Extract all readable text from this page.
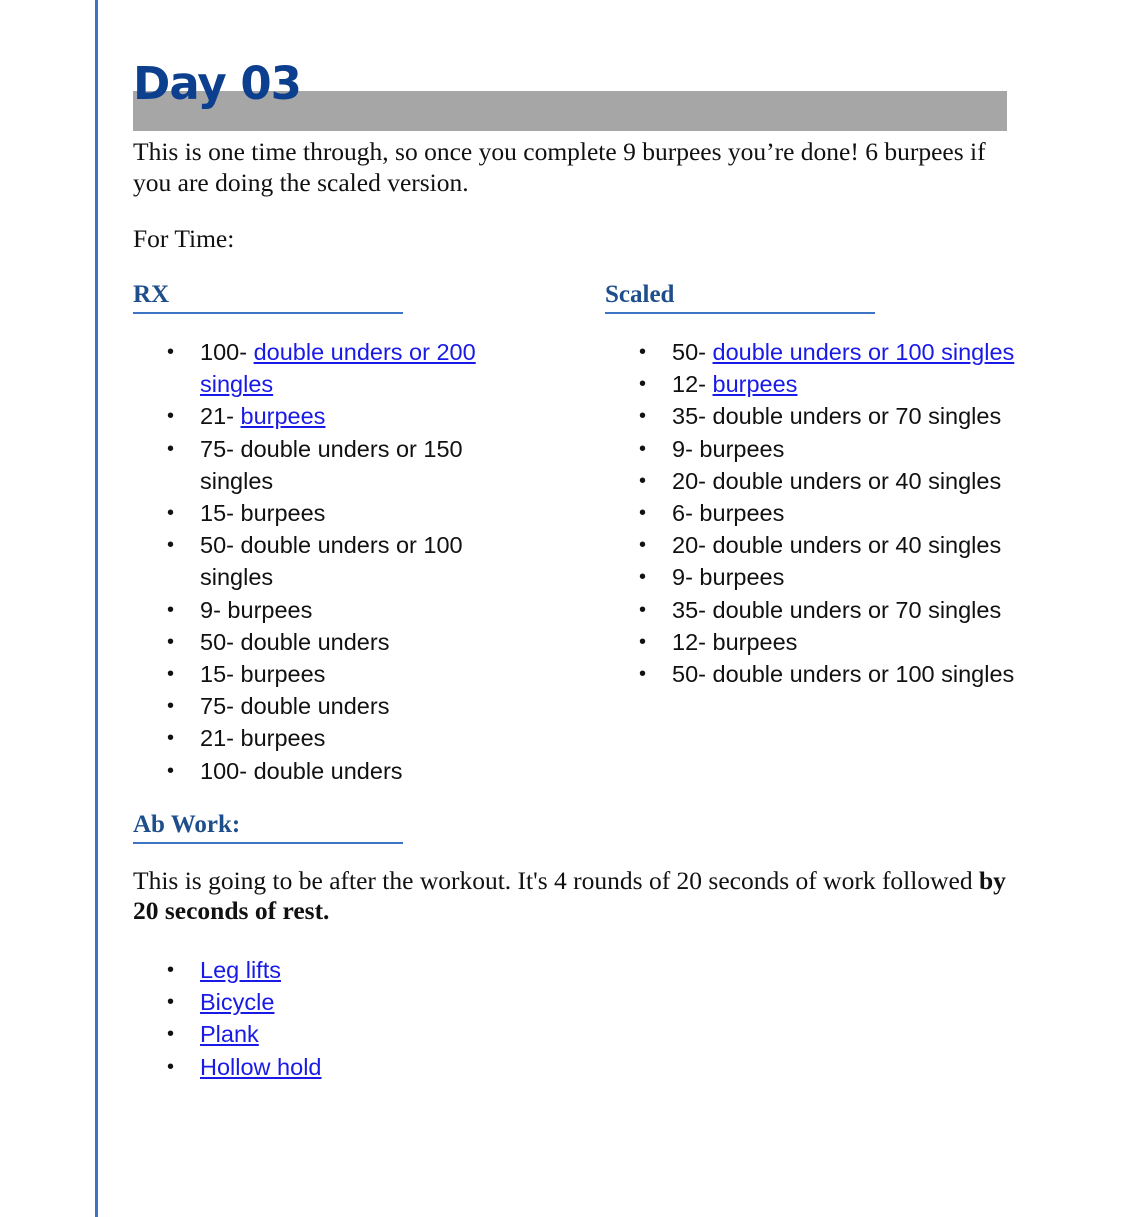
Day 03
This is one time through, so once you complete 9 burpees you’re done! 6 burpees if you are doing the scaled version.
For Time:
RX	Scaled
• 100- double unders or 200 singles
• 21- burpees
• 75- double unders or 150 singles
• 15- burpees
• 50- double unders or 100 singles
• 9- burpees
• 50- double unders
• 15- burpees
• 75- double unders
• 21- burpees
• 100- double unders
• 50- double unders or 100 singles
• 12- burpees
• 35- double unders or 70 singles
• 9- burpees
• 20- double unders or 40 singles
• 6- burpees
• 20- double unders or 40 singles
• 9- burpees
• 35- double unders or 70 singles
• 12- burpees
• 50- double unders or 100 singles
Ab Work:
This is going to be after the workout. It's 4 rounds of 20 seconds of work followed by 20 seconds of rest.
• Leg lifts
• Bicycle
• Plank
• Hollow hold
